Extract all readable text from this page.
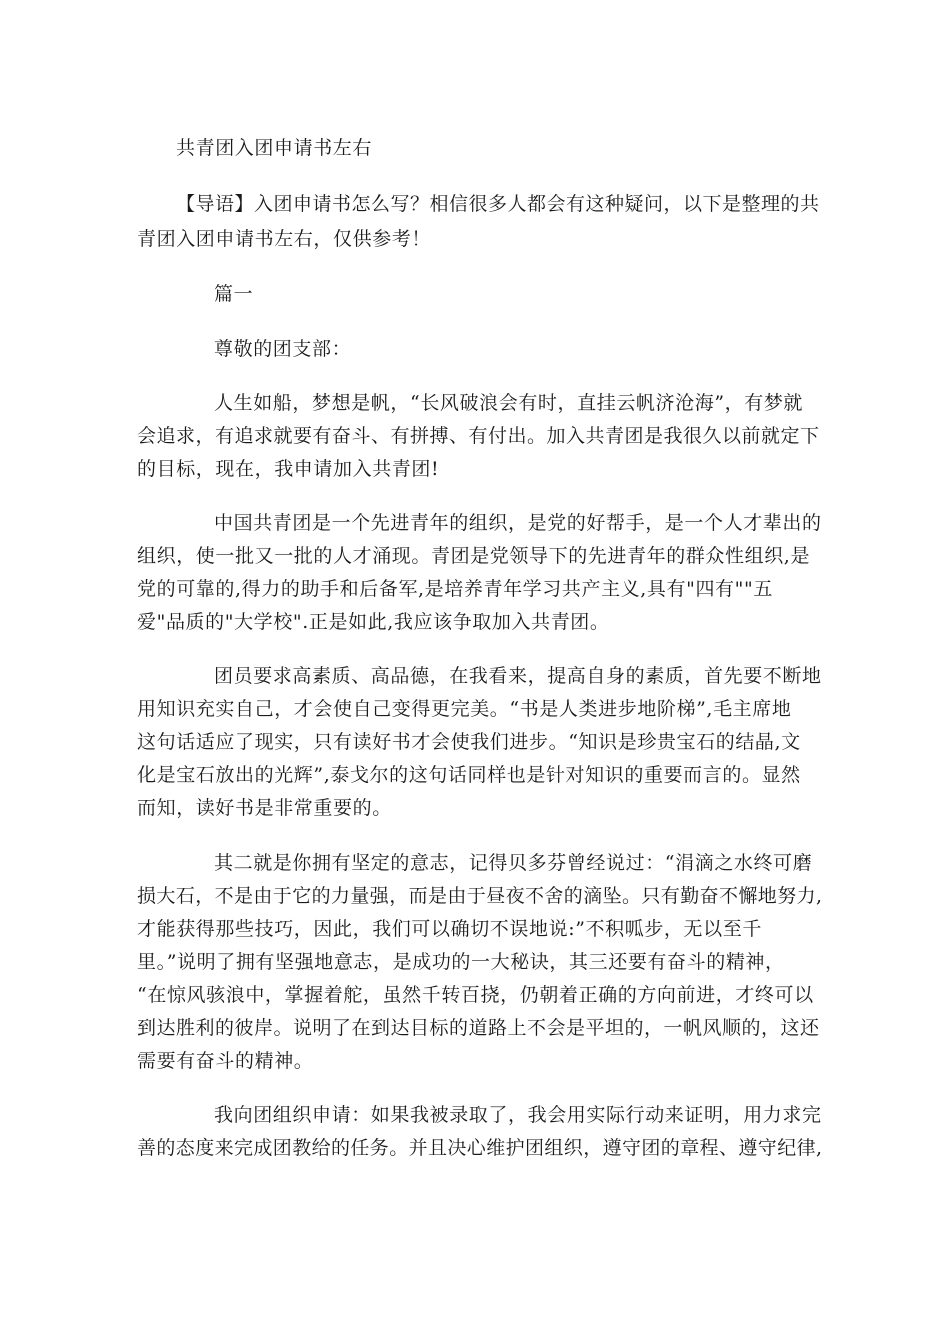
共青团入团申请书左右
【导语】入团申请书怎么写？相信很多人都会有这种疑问，以下是整理的共
青团入团申请书左右，仅供参考！
篇一
尊敬的团支部：
人生如船，梦想是帆，“长风破浪会有时，直挂云帆济沧海”，有梦就
会追求，有追求就要有奋斗、有拼搏、有付出。加入共青团是我很久以前就定下
的目标，现在，我申请加入共青团!
中国共青团是一个先进青年的组织，是党的好帮手，是一个人才辈出的
组织，使一批又一批的人才涌现。青团是党领导下的先进青年的群众性组织,是
党的可靠的,得力的助手和后备军,是培养青年学习共产主义,具有"四有""五
爱"品质的"大学校".正是如此,我应该争取加入共青团。
团员要求高素质、高品德，在我看来，提高自身的素质，首先要不断地
用知识充实自己，才会使自己变得更完美。“书是人类进步地阶梯”,毛主席地
这句话适应了现实，只有读好书才会使我们进步。“知识是珍贵宝石的结晶,文
化是宝石放出的光辉”,泰戈尔的这句话同样也是针对知识的重要而言的。显然
而知，读好书是非常重要的。
其二就是你拥有坚定的意志，记得贝多芬曾经说过：“涓滴之水终可磨
损大石，不是由于它的力量强，而是由于昼夜不舍的滴坠。只有勤奋不懈地努力,
才能获得那些技巧，因此，我们可以确切不误地说:”不积呱步，无以至千
里。”说明了拥有坚强地意志，是成功的一大秘诀，其三还要有奋斗的精神，
“在惊风骇浪中，掌握着舵，虽然千转百挠，仍朝着正确的方向前进，才终可以
到达胜利的彼岸。说明了在到达目标的道路上不会是平坦的，一帆风顺的，这还
需要有奋斗的精神。
我向团组织申请：如果我被录取了，我会用实际行动来证明，用力求完
善的态度来完成团教给的任务。并且决心维护团组织，遵守团的章程、遵守纪律,
